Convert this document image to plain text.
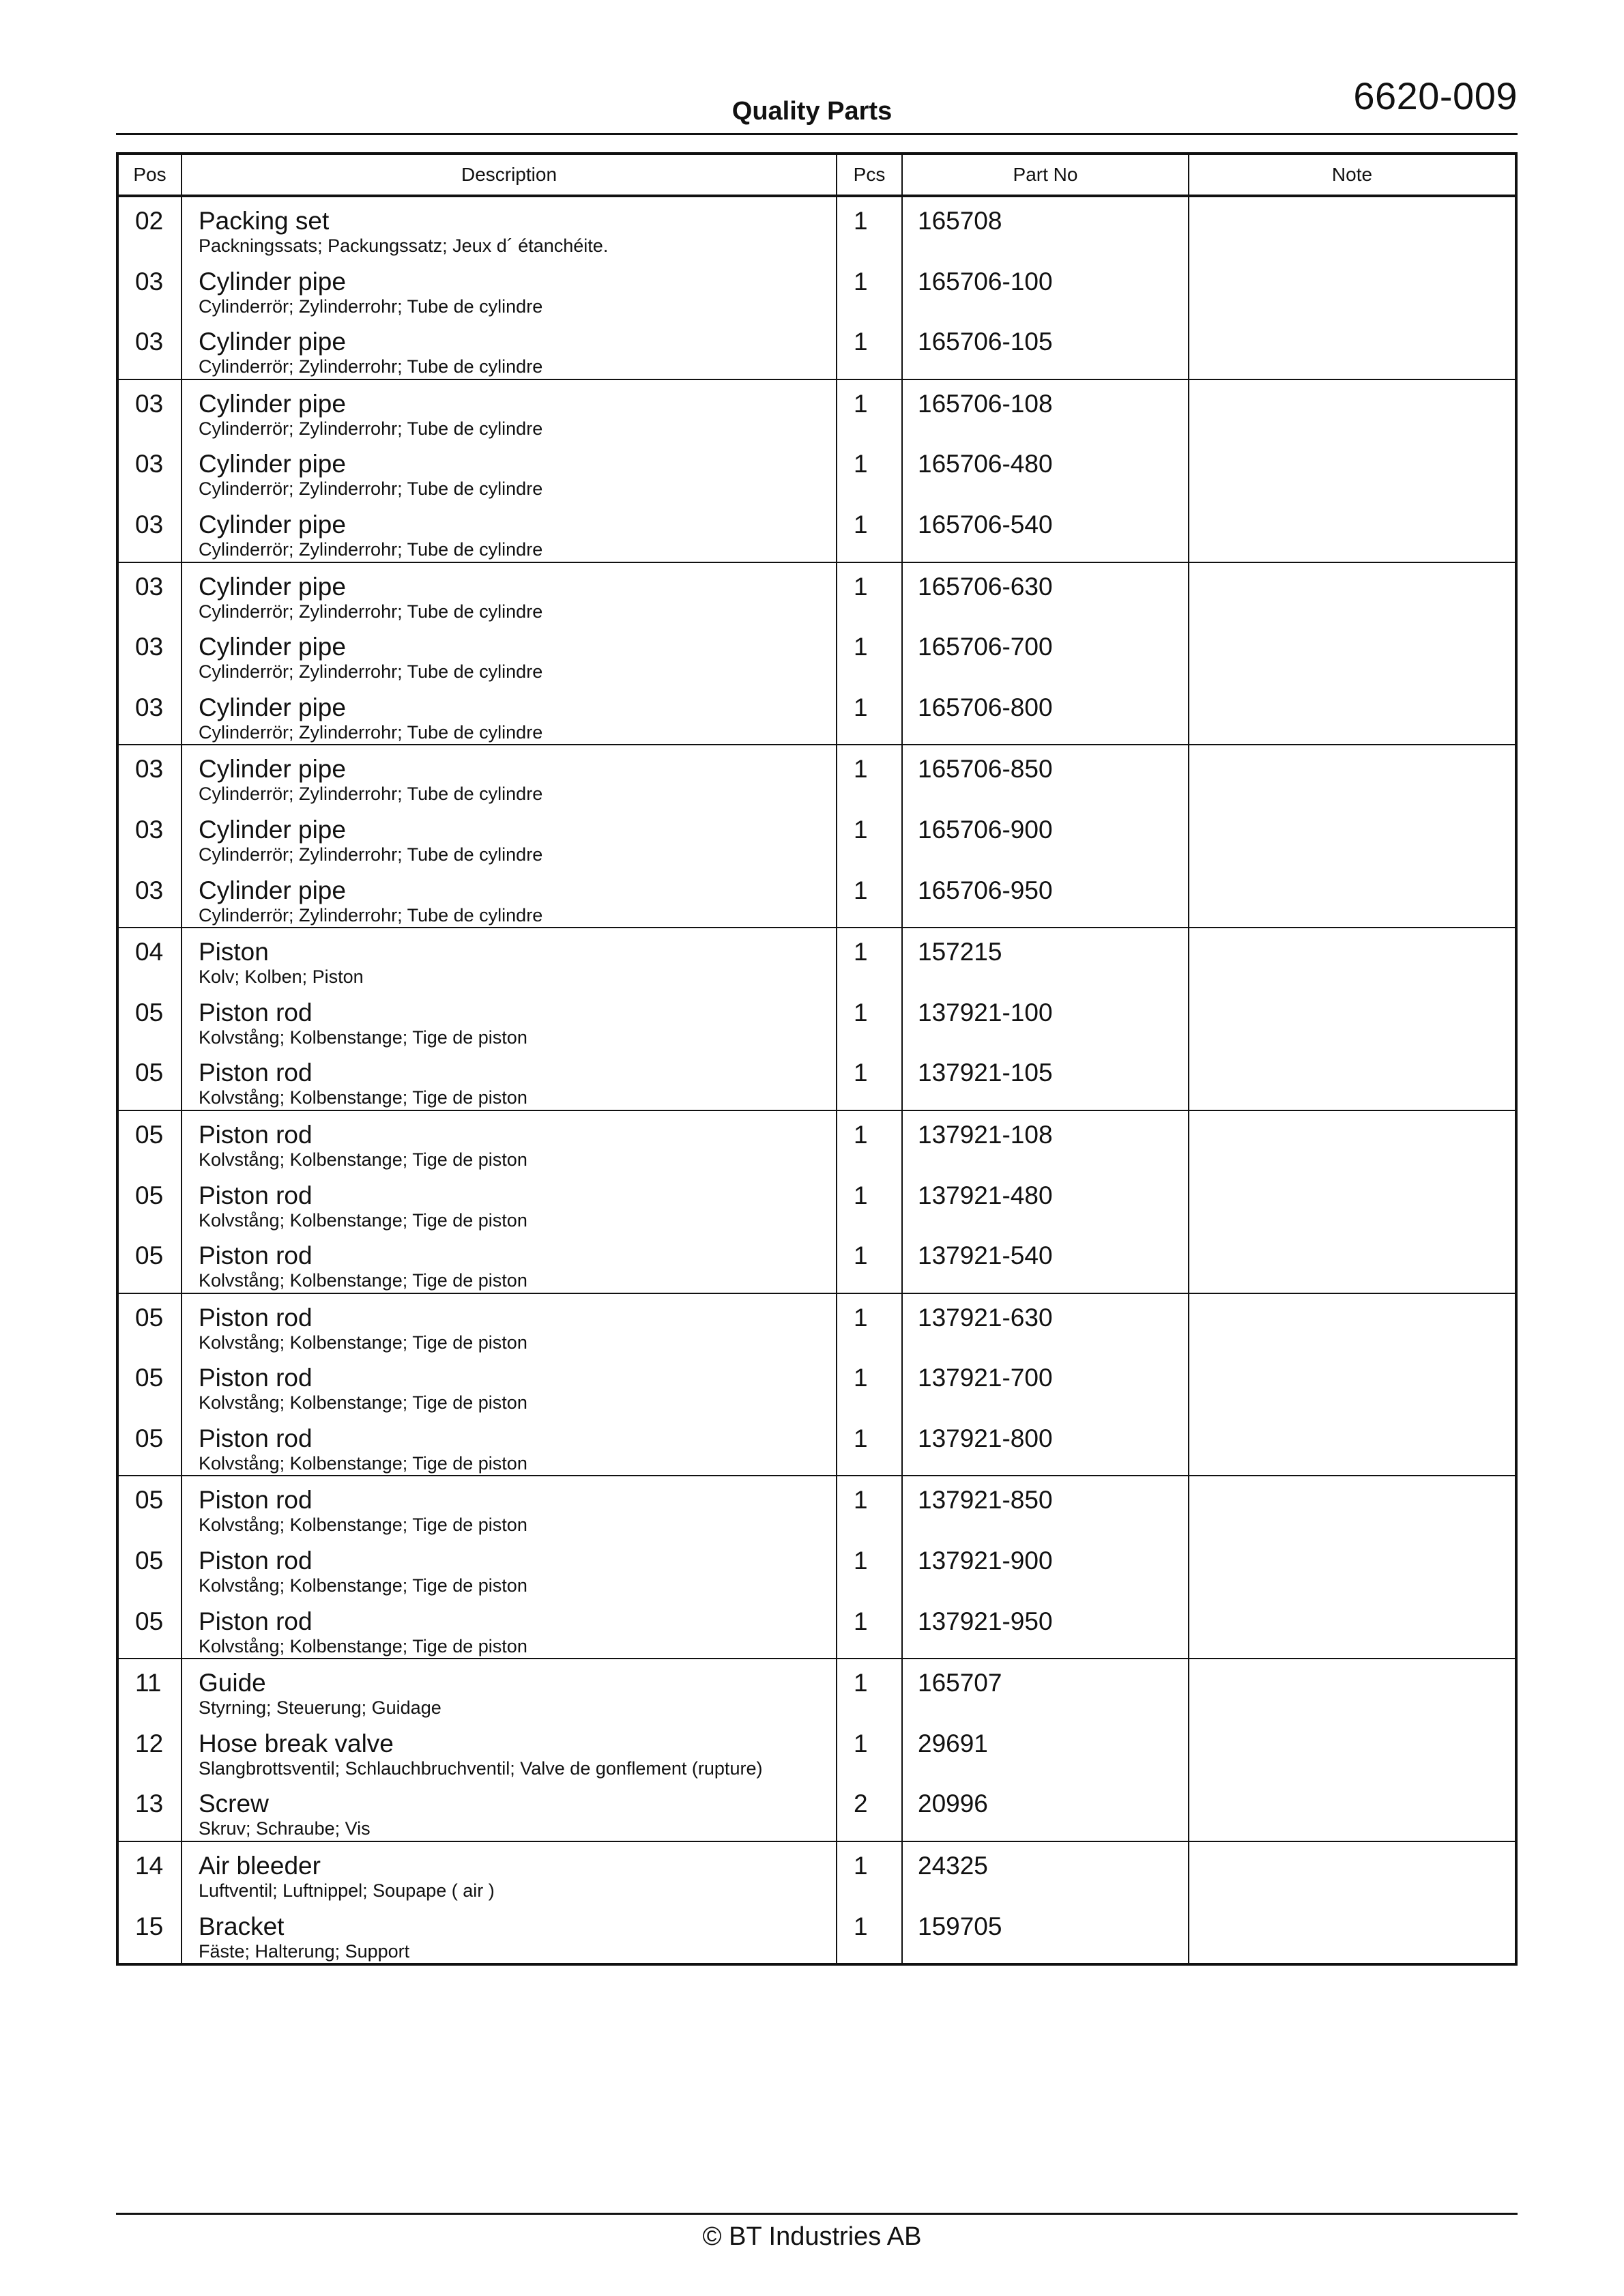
6620-009
Quality Parts
Pos	Description	Pcs	Part No	Note

02	Packing set
Packningssats; Packungssatz; Jeux d´ étanchéite.	1	165708	

03	Cylinder pipe
Cylinderrör; Zylinderrohr; Tube de cylindre	1	165706-100	

03	Cylinder pipe
Cylinderrör; Zylinderrohr; Tube de cylindre	1	165706-105	

03	Cylinder pipe
Cylinderrör; Zylinderrohr; Tube de cylindre	1	165706-108	

03	Cylinder pipe
Cylinderrör; Zylinderrohr; Tube de cylindre	1	165706-480	

03	Cylinder pipe
Cylinderrör; Zylinderrohr; Tube de cylindre	1	165706-540	

03	Cylinder pipe
Cylinderrör; Zylinderrohr; Tube de cylindre	1	165706-630	

03	Cylinder pipe
Cylinderrör; Zylinderrohr; Tube de cylindre	1	165706-700	

03	Cylinder pipe
Cylinderrör; Zylinderrohr; Tube de cylindre	1	165706-800	

03	Cylinder pipe
Cylinderrör; Zylinderrohr; Tube de cylindre	1	165706-850	

03	Cylinder pipe
Cylinderrör; Zylinderrohr; Tube de cylindre	1	165706-900	

03	Cylinder pipe
Cylinderrör; Zylinderrohr; Tube de cylindre	1	165706-950	

04	Piston
Kolv; Kolben; Piston	1	157215	

05	Piston rod
Kolvstång; Kolbenstange; Tige de piston	1	137921-100	

05	Piston rod
Kolvstång; Kolbenstange; Tige de piston	1	137921-105	

05	Piston rod
Kolvstång; Kolbenstange; Tige de piston	1	137921-108	

05	Piston rod
Kolvstång; Kolbenstange; Tige de piston	1	137921-480	

05	Piston rod
Kolvstång; Kolbenstange; Tige de piston	1	137921-540	

05	Piston rod
Kolvstång; Kolbenstange; Tige de piston	1	137921-630	

05	Piston rod
Kolvstång; Kolbenstange; Tige de piston	1	137921-700	

05	Piston rod
Kolvstång; Kolbenstange; Tige de piston	1	137921-800	

05	Piston rod
Kolvstång; Kolbenstange; Tige de piston	1	137921-850	

05	Piston rod
Kolvstång; Kolbenstange; Tige de piston	1	137921-900	

05	Piston rod
Kolvstång; Kolbenstange; Tige de piston	1	137921-950	

11	Guide
Styrning; Steuerung; Guidage	1	165707	

12	Hose break valve
Slangbrottsventil; Schlauchbruchventil; Valve de gonflement (rupture)	1	29691	

13	Screw
Skruv; Schraube; Vis	2	20996	

14	Air bleeder
Luftventil; Luftnippel; Soupape ( air )	1	24325	

15	Bracket
Fäste; Halterung; Support	1	159705	

© BT Industries AB
